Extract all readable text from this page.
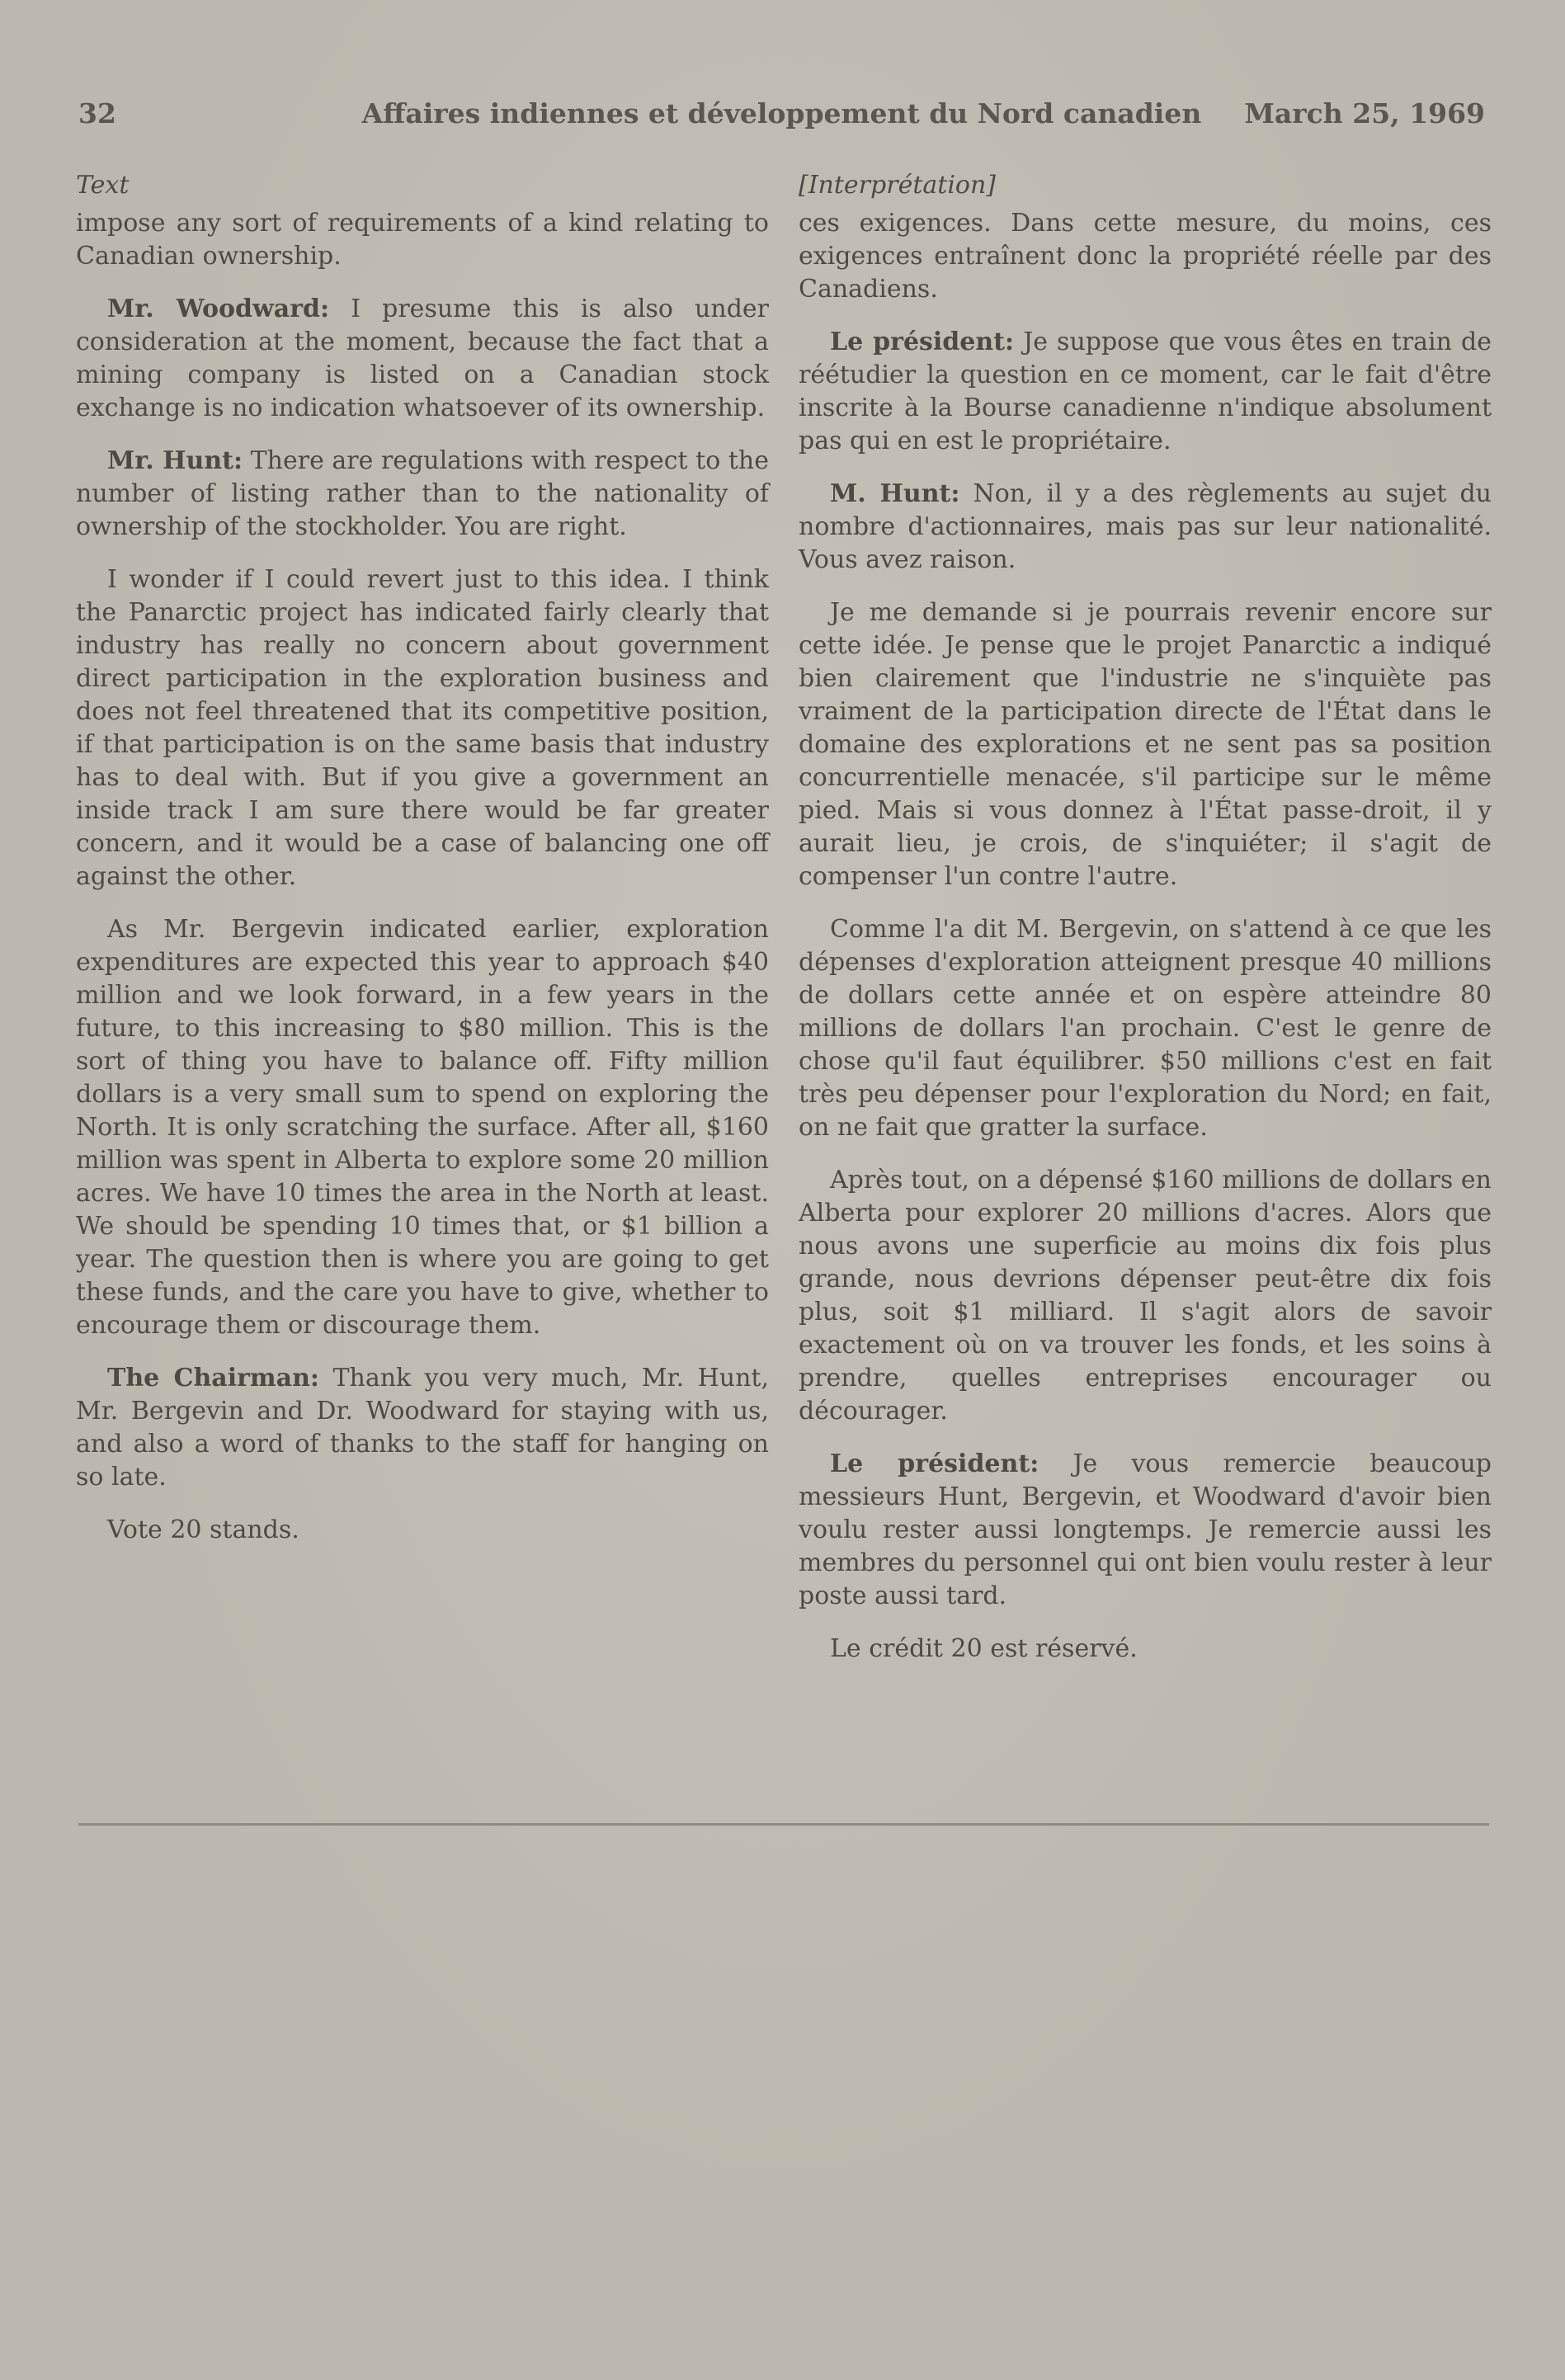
32	Affaires indiennes et développement du Nord canadien	March 25, 1969
Text

impose any sort of requirements of a kind relating to Canadian ownership.

Mr. Woodward: I presume this is also under consideration at the moment, because the fact that a mining company is listed on a Canadian stock exchange is no indication whatsoever of its ownership.

Mr. Hunt: There are regulations with respect to the number of listing rather than to the nationality of ownership of the stockholder. You are right.

I wonder if I could revert just to this idea. I think the Panarctic project has indicated fairly clearly that industry has really no concern about government direct participation in the exploration business and does not feel threatened that its competitive position, if that participation is on the same basis that industry has to deal with. But if you give a government an inside track I am sure there would be far greater concern, and it would be a case of balancing one off against the other.

As Mr. Bergevin indicated earlier, exploration expenditures are expected this year to approach $40 million and we look forward, in a few years in the future, to this increasing to $80 million. This is the sort of thing you have to balance off. Fifty million dollars is a very small sum to spend on exploring the North. It is only scratching the surface. After all, $160 million was spent in Alberta to explore some 20 million acres. We have 10 times the area in the North at least. We should be spending 10 times that, or $1 billion a year. The question then is where you are going to get these funds, and the care you have to give, whether to encourage them or discourage them.

The Chairman: Thank you very much, Mr. Hunt, Mr. Bergevin and Dr. Woodward for staying with us, and also a word of thanks to the staff for hanging on so late.

Vote 20 stands.

[Interprétation]

ces exigences. Dans cette mesure, du moins, ces exigences entraînent donc la propriété réelle par des Canadiens.

Le président: Je suppose que vous êtes en train de réétudier la question en ce moment, car le fait d'être inscrite à la Bourse canadienne n'indique absolument pas qui en est le propriétaire.

M. Hunt: Non, il y a des règlements au sujet du nombre d'actionnaires, mais pas sur leur nationalité. Vous avez raison.

Je me demande si je pourrais revenir encore sur cette idée. Je pense que le projet Panarctic a indiqué bien clairement que l'industrie ne s'inquiète pas vraiment de la participation directe de l'État dans le domaine des explorations et ne sent pas sa position concurrentielle menacée, s'il participe sur le même pied. Mais si vous donnez à l'État passe-droit, il y aurait lieu, je crois, de s'inquiéter; il s'agit de compenser l'un contre l'autre.

Comme l'a dit M. Bergevin, on s'attend à ce que les dépenses d'exploration atteignent presque 40 millions de dollars cette année et on espère atteindre 80 millions de dollars l'an prochain. C'est le genre de chose qu'il faut équilibrer. $50 millions c'est en fait très peu dépenser pour l'exploration du Nord; en fait, on ne fait que gratter la surface.

Après tout, on a dépensé $160 millions de dollars en Alberta pour explorer 20 millions d'acres. Alors que nous avons une superficie au moins dix fois plus grande, nous devrions dépenser peut-être dix fois plus, soit $1 milliard. Il s'agit alors de savoir exactement où on va trouver les fonds, et les soins à prendre, quelles entreprises encourager ou décourager.

Le président: Je vous remercie beaucoup messieurs Hunt, Bergevin, et Woodward d'avoir bien voulu rester aussi longtemps. Je remercie aussi les membres du personnel qui ont bien voulu rester à leur poste aussi tard.

Le crédit 20 est réservé.
